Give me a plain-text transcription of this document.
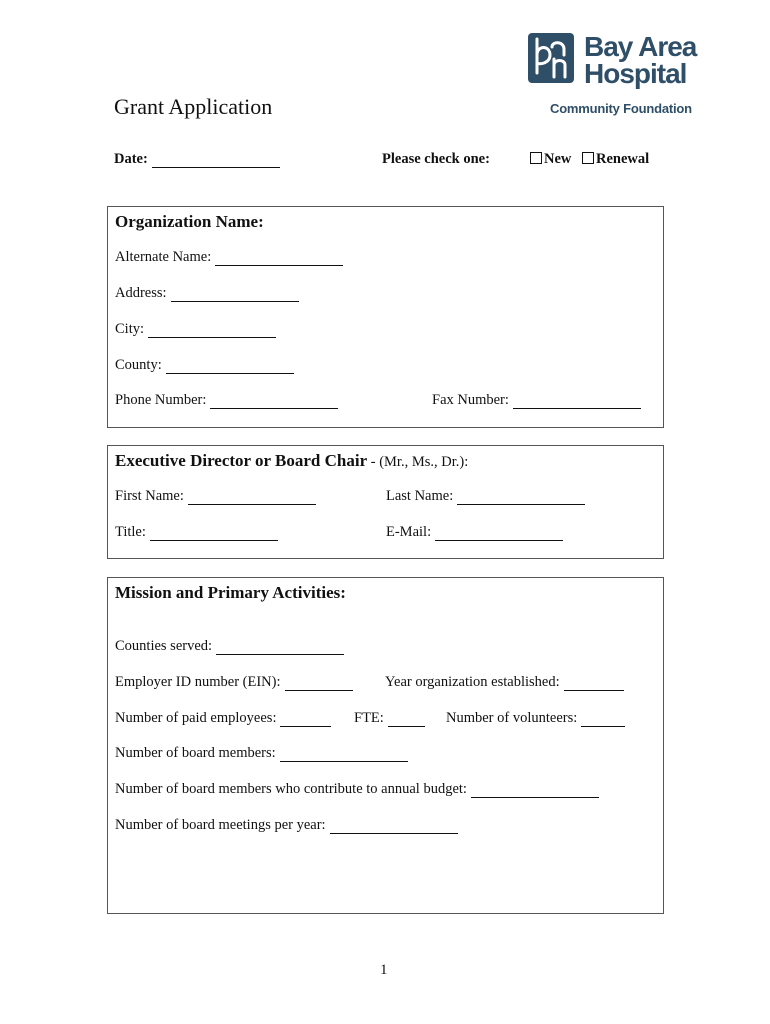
Bay Area
Hospital
Community Foundation
Grant Application
Date:	Please check one:	New	Renewal
Organization Name:
Alternate Name:
Address:
City:
County:
Phone Number:	Fax Number:
Executive Director or Board Chair - (Mr., Ms., Dr.):
First Name:	Last Name:
Title:	E-Mail:
Mission and Primary Activities:
Counties served:
Employer ID number (EIN):	Year organization established:
Number of paid employees:	FTE:	Number of volunteers:
Number of board members:
Number of board members who contribute to annual budget:
Number of board meetings per year:
1
